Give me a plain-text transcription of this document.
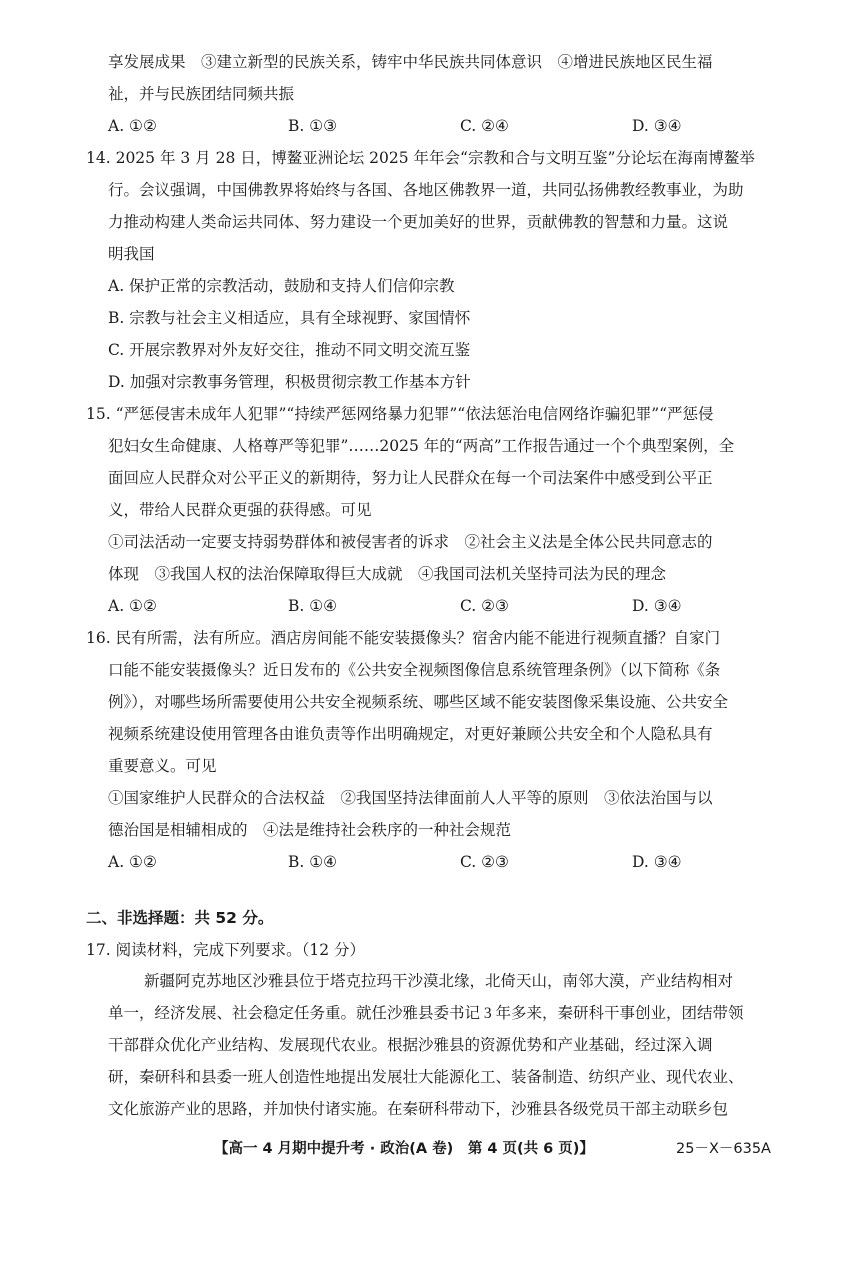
享发展成果　③建立新型的民族关系，铸牢中华民族共同体意识　④增进民族地区民生福
祉，并与民族团结同频共振
A. ①②	B. ①③	C. ②④	D. ③④
14. 2025 年 3 月 28 日，博鳌亚洲论坛 2025 年年会“宗教和合与文明互鉴”分论坛在海南博鳌举
行。会议强调，中国佛教界将始终与各国、各地区佛教界一道，共同弘扬佛教经教事业，为助
力推动构建人类命运共同体、努力建设一个更加美好的世界，贡献佛教的智慧和力量。这说
明我国
A. 保护正常的宗教活动，鼓励和支持人们信仰宗教
B. 宗教与社会主义相适应，具有全球视野、家国情怀
C. 开展宗教界对外友好交往，推动不同文明交流互鉴
D. 加强对宗教事务管理，积极贯彻宗教工作基本方针
15. “严惩侵害未成年人犯罪”“持续严惩网络暴力犯罪”“依法惩治电信网络诈骗犯罪”“严惩侵
犯妇女生命健康、人格尊严等犯罪”……2025 年的“两高”工作报告通过一个个典型案例，全
面回应人民群众对公平正义的新期待，努力让人民群众在每一个司法案件中感受到公平正
义，带给人民群众更强的获得感。可见
①司法活动一定要支持弱势群体和被侵害者的诉求　②社会主义法是全体公民共同意志的
体现　③我国人权的法治保障取得巨大成就　④我国司法机关坚持司法为民的理念
A. ①②	B. ①④	C. ②③	D. ③④
16. 民有所需，法有所应。酒店房间能不能安装摄像头？宿舍内能不能进行视频直播？自家门
口能不能安装摄像头？近日发布的《公共安全视频图像信息系统管理条例》（以下简称《条
例》），对哪些场所需要使用公共安全视频系统、哪些区域不能安装图像采集设施、公共安全
视频系统建设使用管理各由谁负责等作出明确规定，对更好兼顾公共安全和个人隐私具有
重要意义。可见
①国家维护人民群众的合法权益　②我国坚持法律面前人人平等的原则　③依法治国与以
德治国是相辅相成的　④法是维持社会秩序的一种社会规范
A. ①②	B. ①④	C. ②③	D. ③④
二、非选择题：共 52 分。
17. 阅读材料，完成下列要求。（12 分）
新疆阿克苏地区沙雅县位于塔克拉玛干沙漠北缘，北倚天山，南邻大漠，产业结构相对
单一，经济发展、社会稳定任务重。就任沙雅县委书记 3 年多来，秦研科干事创业，团结带领
干部群众优化产业结构、发展现代农业。根据沙雅县的资源优势和产业基础，经过深入调
研，秦研科和县委一班人创造性地提出发展壮大能源化工、装备制造、纺织产业、现代农业、
文化旅游产业的思路，并加快付诸实施。在秦研科带动下，沙雅县各级党员干部主动联乡包
【高一 4 月期中提升考 · 政治(A 卷)　第 4 页(共 6 页)】	25－X－635A
